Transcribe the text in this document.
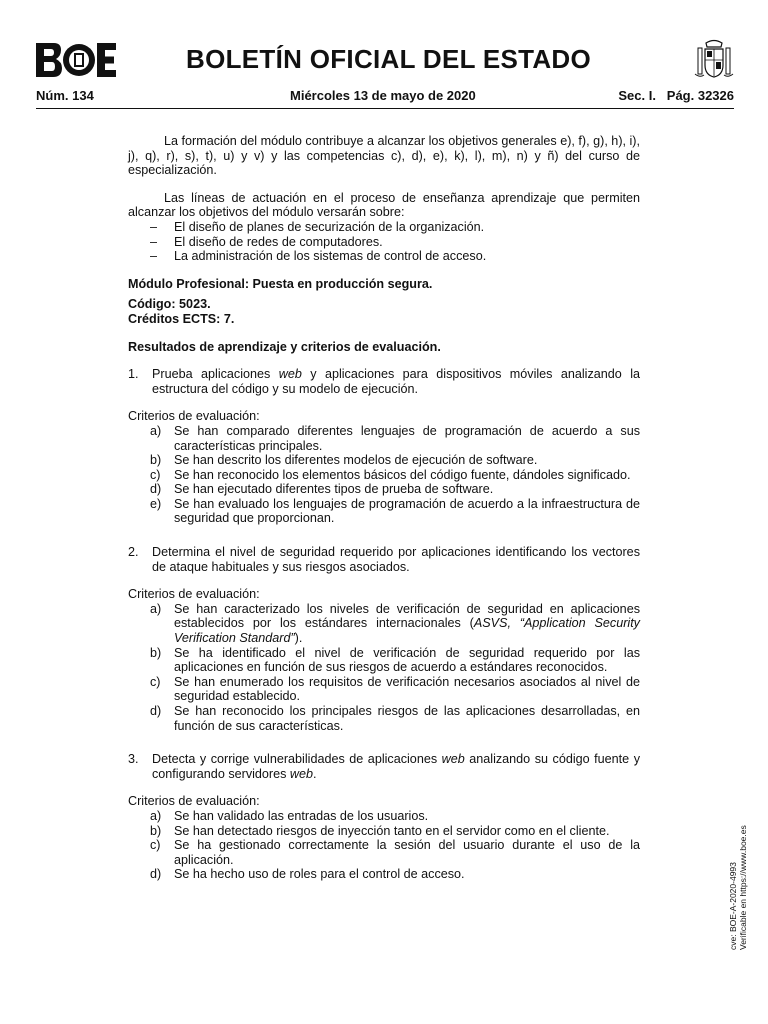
BOLETÍN OFICIAL DEL ESTADO
Núm. 134	Miércoles 13 de mayo de 2020	Sec. I.   Pág. 32326

La formación del módulo contribuye a alcanzar los objetivos generales e), f), g), h), i), j), q), r), s), t), u) y v) y las competencias c), d), e), k), l), m), n) y ñ) del curso de especialización.

Las líneas de actuación en el proceso de enseñanza aprendizaje que permiten alcanzar los objetivos del módulo versarán sobre:

– El diseño de planes de securización de la organización.
– El diseño de redes de computadores.
– La administración de los sistemas de control de acceso.

Módulo Profesional: Puesta en producción segura.

Código: 5023.

Créditos ECTS: 7.

Resultados de aprendizaje y criterios de evaluación.

1. Prueba aplicaciones web y aplicaciones para dispositivos móviles analizando la estructura del código y su modelo de ejecución.

Criterios de evaluación:

a) Se han comparado diferentes lenguajes de programación de acuerdo a sus características principales.
b) Se han descrito los diferentes modelos de ejecución de software.
c) Se han reconocido los elementos básicos del código fuente, dándoles significado.
d) Se han ejecutado diferentes tipos de prueba de software.
e) Se han evaluado los lenguajes de programación de acuerdo a la infraestructura de seguridad que proporcionan.
2. Determina el nivel de seguridad requerido por aplicaciones identificando los vectores de ataque habituales y sus riesgos asociados.

Criterios de evaluación:

a) Se han caracterizado los niveles de verificación de seguridad en aplicaciones establecidos por los estándares internacionales (ASVS, “Application Security Verification Standard”).
b) Se ha identificado el nivel de verificación de seguridad requerido por las aplicaciones en función de sus riesgos de acuerdo a estándares reconocidos.
c) Se han enumerado los requisitos de verificación necesarios asociados al nivel de seguridad establecido.
d) Se han reconocido los principales riesgos de las aplicaciones desarrolladas, en función de sus características.
3. Detecta y corrige vulnerabilidades de aplicaciones web analizando su código fuente y configurando servidores web.

Criterios de evaluación:

a) Se han validado las entradas de los usuarios.
b) Se han detectado riesgos de inyección tanto en el servidor como en el cliente.
c) Se ha gestionado correctamente la sesión del usuario durante el uso de la aplicación.
d) Se ha hecho uso de roles para el control de acceso.	cve: BOE-A-2020-4993 Verificable en https://www.boe.es
